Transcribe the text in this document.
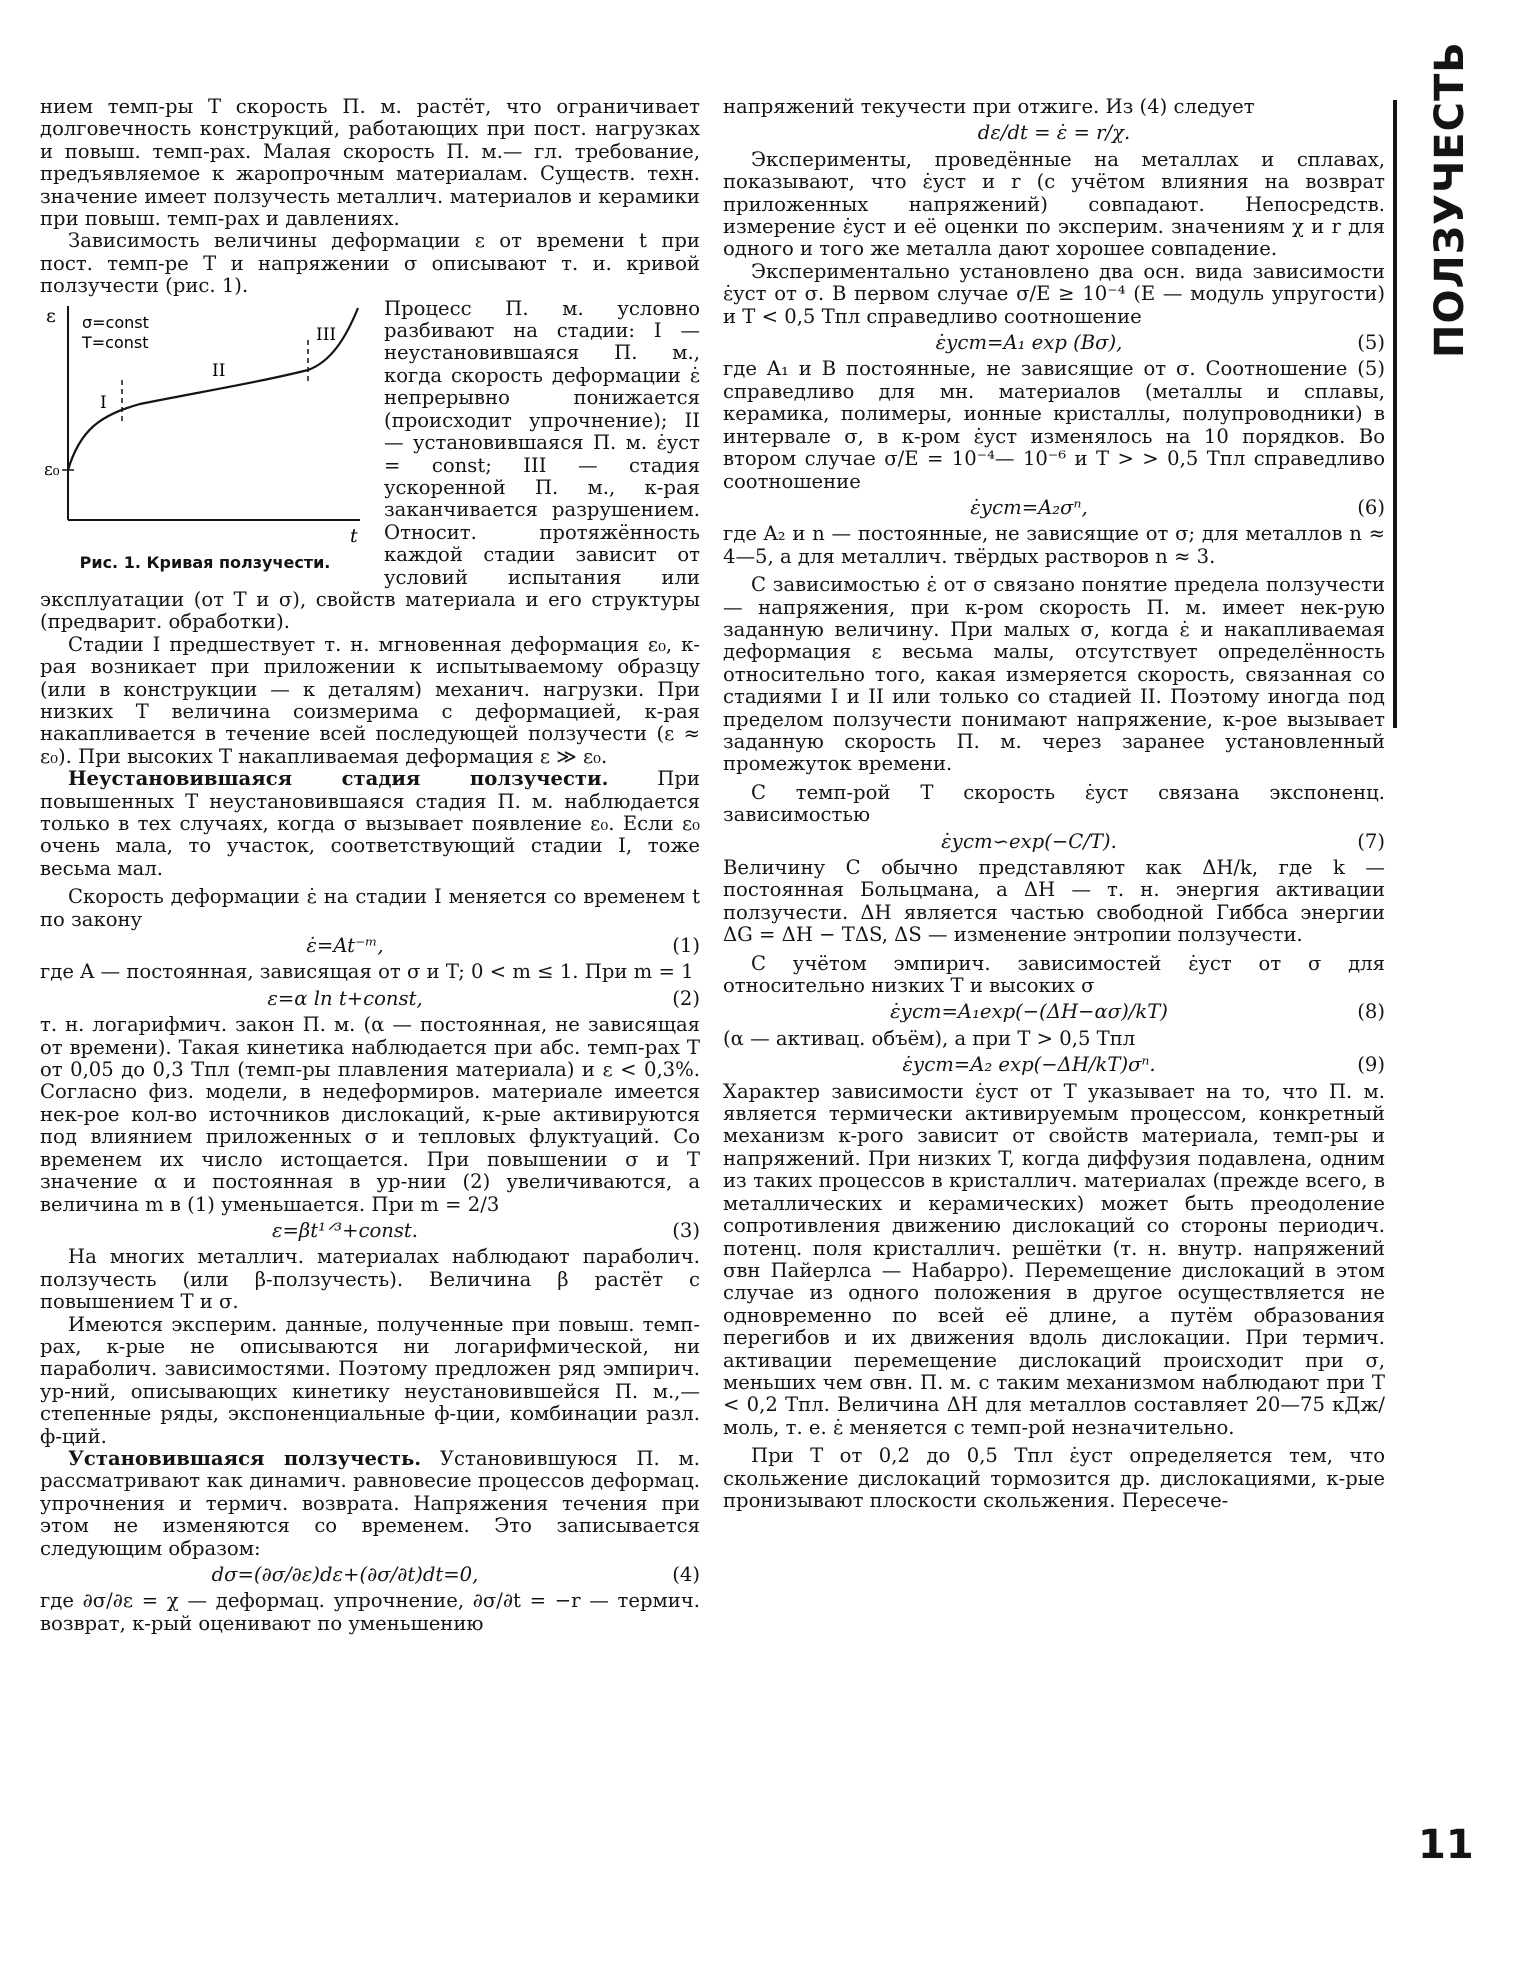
ПОЛЗУЧЕСТЬ
11

нием темп-ры T скорость П. м. растёт, что ограничивает долговечность конструкций, работающих при пост. нагрузках и повыш. темп-рах. Малая скорость П. м.— гл. требование, предъявляемое к жаропрочным материалам. Существ. техн. значение имеет ползучесть металлич. материалов и керамики при повыш. темп-рах и давлениях.

Зависимость величины деформации ε от времени t при пост. темп-ре T и напряжении σ описывают т. и. кривой ползучести (рис. 1).

ε
t
ε₀
σ=const
T=const
I
II
III
Рис. 1. Кривая ползучести.

Процесс П. м. условно разбивают на стадии: I — неустановившаяся П. м., когда скорость деформации ε̇ непрерывно понижается (происходит упрочнение); II — установившаяся П. м. ε̇уст = const; III — стадия ускоренной П. м., к-рая заканчивается разрушением. Относит. протяжённость каждой стадии зависит от условий испытания или эксплуатации (от T и σ), свойств материала и его структуры (предварит. обработки).

Стадии I предшествует т. н. мгновенная деформация ε₀, к-рая возникает при приложении к испытываемому образцу (или в конструкции — к деталям) механич. нагрузки. При низких T величина соизмерима с деформацией, к-рая накапливается в течение всей последующей ползучести (ε ≈ ε₀). При высоких T накапливаемая деформация ε ≫ ε₀.

Неустановившаяся стадия ползучести. При повышенных T неустановившаяся стадия П. м. наблюдается только в тех случаях, когда σ вызывает появление ε₀. Если ε₀ очень мала, то участок, соответствующий стадии I, тоже весьма мал.

Скорость деформации ε̇ на стадии I меняется со временем t по закону

ε̇=At⁻ᵐ,	(1)

где A — постоянная, зависящая от σ и T; 0 < m ≤ 1. При m = 1

ε=α ln t+const,	(2)

т. н. логарифмич. закон П. м. (α — постоянная, не зависящая от времени). Такая кинетика наблюдается при абс. темп-рах T от 0,05 до 0,3 Tпл (темп-ры плавления материала) и ε < 0,3%. Согласно физ. модели, в недеформиров. материале имеется нек-рое кол-во источников дислокаций, к-рые активируются под влиянием приложенных σ и тепловых флуктуаций. Со временем их число истощается. При повышении σ и T значение α и постоянная в ур-нии (2) увеличиваются, а величина m в (1) уменьшается. При m = 2/3

ε=βt¹ᐟ³+const.	(3)

На многих металлич. материалах наблюдают параболич. ползучесть (или β-ползучесть). Величина β растёт с повышением T и σ.

Имеются эксперим. данные, полученные при повыш. темп-рах, к-рые не описываются ни логарифмической, ни параболич. зависимостями. Поэтому предложен ряд эмпирич. ур-ний, описывающих кинетику неустановившейся П. м.,— степенные ряды, экспоненциальные ф-ции, комбинации разл. ф-ций.

Установившаяся ползучесть. Установившуюся П. м. рассматривают как динамич. равновесие процессов деформац. упрочнения и термич. возврата. Напряжения течения при этом не изменяются со временем. Это записывается следующим образом:

dσ=(∂σ/∂ε)dε+(∂σ/∂t)dt=0,	(4)

где ∂σ/∂ε = χ — деформац. упрочнение, ∂σ/∂t = −r — термич. возврат, к-рый оценивают по уменьшению

напряжений текучести при отжиге. Из (4) следует

dε/dt = ε̇ = r/χ.

Эксперименты, проведённые на металлах и сплавах, показывают, что ε̇уст и r (с учётом влияния на возврат приложенных напряжений) совпадают. Непосредств. измерение ε̇уст и её оценки по эксперим. значениям χ и r для одного и того же металла дают хорошее совпадение.

Экспериментально установлено два осн. вида зависимости ε̇уст от σ. В первом случае σ/E ≥ 10⁻⁴ (E — модуль упругости) и T < 0,5 Tпл справедливо соотношение

ε̇уст=A₁ exp (Bσ),	(5)

где A₁ и B постоянные, не зависящие от σ. Соотношение (5) справедливо для мн. материалов (металлы и сплавы, керамика, полимеры, ионные кристаллы, полупроводники) в интервале σ, в к-ром ε̇уст изменялось на 10 порядков. Во втором случае σ/E = 10⁻⁴— 10⁻⁶ и T > > 0,5 Tпл справедливо соотношение

ε̇уст=A₂σⁿ,	(6)

где A₂ и n — постоянные, не зависящие от σ; для металлов n ≈ 4—5, а для металлич. твёрдых растворов n ≈ 3.

С зависимостью ε̇ от σ связано понятие предела ползучести — напряжения, при к-ром скорость П. м. имеет нек-рую заданную величину. При малых σ, когда ε̇ и накапливаемая деформация ε весьма малы, отсутствует определённость относительно того, какая измеряется скорость, связанная со стадиями I и II или только со стадией II. Поэтому иногда под пределом ползучести понимают напряжение, к-рое вызывает заданную скорость П. м. через заранее установленный промежуток времени.

С темп-рой T скорость ε̇уст связана экспоненц. зависимостью

ε̇уст∽exp(−C/T).	(7)

Величину C обычно представляют как ΔH/k, где k — постоянная Больцмана, а ΔH — т. н. энергия активации ползучести. ΔH является частью свободной Гиббса энергии ΔG = ΔH − TΔS, ΔS — изменение энтропии ползучести.

С учётом эмпирич. зависимостей ε̇уст от σ для относительно низких T и высоких σ

ε̇уст=A₁exp(−(ΔH−ασ)/kT)	(8)

(α — активац. объём), а при T > 0,5 Tпл

ε̇уст=A₂ exp(−ΔH/kT)σⁿ.	(9)

Характер зависимости ε̇уст от T указывает на то, что П. м. является термически активируемым процессом, конкретный механизм к-рого зависит от свойств материала, темп-ры и напряжений. При низких T, когда диффузия подавлена, одним из таких процессов в кристаллич. материалах (прежде всего, в металлических и керамических) может быть преодоление сопротивления движению дислокаций со стороны периодич. потенц. поля кристаллич. решётки (т. н. внутр. напряжений σвн Пайерлса — Набарро). Перемещение дислокаций в этом случае из одного положения в другое осуществляется не одновременно по всей её длине, а путём образования перегибов и их движения вдоль дислокации. При термич. активации перемещение дислокаций происходит при σ, меньших чем σвн. П. м. с таким механизмом наблюдают при T < 0,2 Tпл. Величина ΔH для металлов составляет 20—75 кДж/моль, т. е. ε̇ меняется с темп-рой незначительно.

При T от 0,2 до 0,5 Tпл ε̇уст определяется тем, что скольжение дислокаций тормозится др. дислокациями, к-рые пронизывают плоскости скольжения. Пересече-
